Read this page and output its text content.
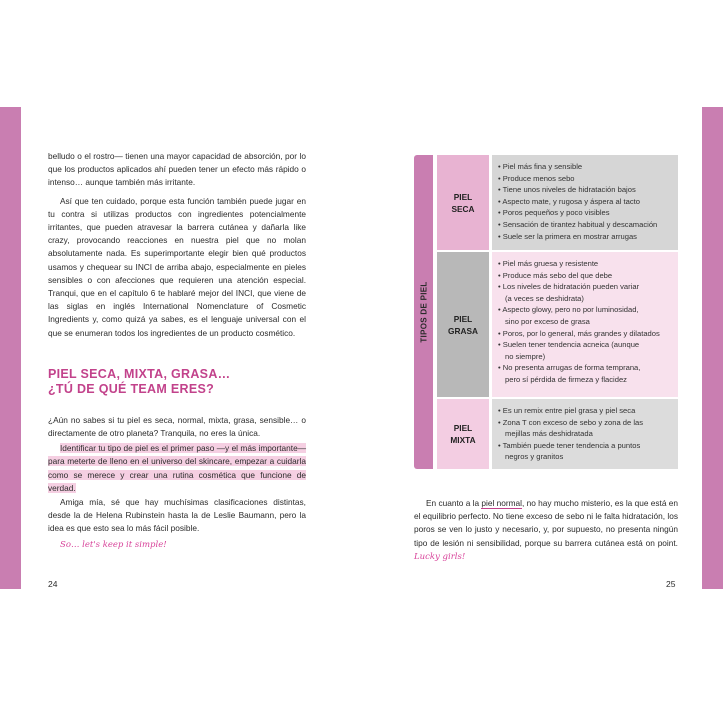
belludo o el rostro— tienen una mayor capacidad de absorción, por lo que los productos aplicados ahí pueden tener un efecto más rápido o intenso… aunque también más irritante.

Así que ten cuidado, porque esta función también puede jugar en tu contra si utilizas productos con ingredientes potencialmente irritantes, que pueden atravesar la barrera cutánea y dañarla like crazy, provocando reacciones en nuestra piel que no molan absolutamente nada. Es superimportante elegir bien qué productos usamos y chequear su INCI de arriba abajo, especialmente en pieles sensibles o con afecciones que requieren una atención especial. Tranqui, que en el capítulo 6 te hablaré mejor del INCI, que viene de las siglas en inglés International Nomenclature of Cosmetic Ingredients y, como quizá ya sabes, es el lenguaje universal con el que se enumeran todos los ingredientes de un producto cosmético.

PIEL SECA, MIXTA, GRASA…

¿TÚ DE QUÉ TEAM ERES?

¿Aún no sabes si tu piel es seca, normal, mixta, grasa, sensible… o directamente de otro planeta? Tranquila, no eres la única.

Identificar tu tipo de piel es el primer paso —y el más importante— para meterte de lleno en el universo del skincare, empezar a cuidarla como se merece y crear una rutina cosmética que funcione de verdad.

Amiga mía, sé que hay muchísimas clasificaciones distintas, desde la de Helena Rubinstein hasta la de Leslie Baumann, pero la idea es que esto sea lo más fácil posible.

So… let's keep it simple!

24
TIPOS DE PIEL
PIEL
SECA

• Piel más fina y sensible

• Produce menos sebo

• Tiene unos niveles de hidratación bajos

• Aspecto mate, y rugosa y áspera al tacto

• Poros pequeños y poco visibles

• Sensación de tirantez habitual y descamación

• Suele ser la primera en mostrar arrugas

PIEL
GRASA

• Piel más gruesa y resistente

• Produce más sebo del que debe

• Los niveles de hidratación pueden variar

(a veces se deshidrata)

• Aspecto glowy, pero no por luminosidad,

sino por exceso de grasa

• Poros, por lo general, más grandes y dilatados

• Suelen tener tendencia acneica (aunque

no siempre)

• No presenta arrugas de forma temprana,

pero sí pérdida de firmeza y flacidez

PIEL
MIXTA

• Es un remix entre piel grasa y piel seca

• Zona T con exceso de sebo y zona de las

mejillas más deshidratada

• También puede tener tendencia a puntos

negros y granitos

En cuanto a la piel normal, no hay mucho misterio, es la que está en el equilibrio perfecto. No tiene exceso de sebo ni le falta hidratación, los poros se ven lo justo y necesario, y, por supuesto, no presenta ningún tipo de lesión ni sensibilidad, porque su barrera cutánea está on point. Lucky girls!

25
